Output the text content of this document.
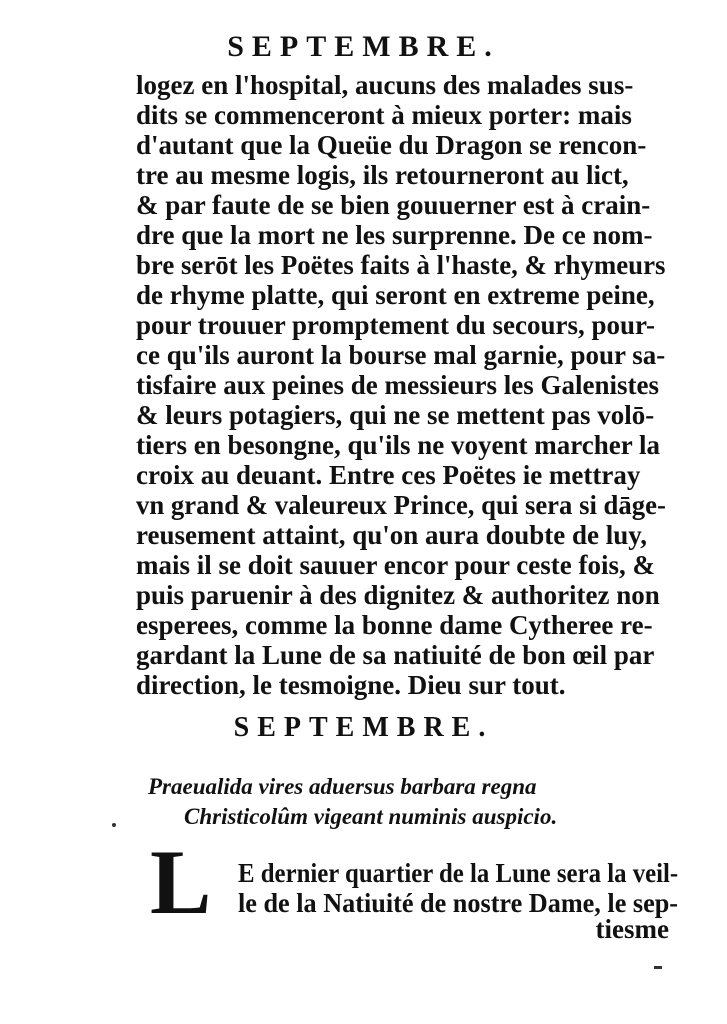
SEPTEMBRE.
logez en l'hospital, aucuns des malades sus-
dits se commenceront à mieux porter: mais
d'autant que la Queüe du Dragon se rencon-
tre au mesme logis, ils retourneront au lict,
& par faute de se bien gouuerner est à crain-
dre que la mort ne les surprenne. De ce nom-
bre serōt les Poëtes faits à l'haste, & rhymeurs
de rhyme platte, qui seront en extreme peine,
pour trouuer promptement du secours, pour-
ce qu'ils auront la bourse mal garnie, pour sa-
tisfaire aux peines de messieurs les Galenistes
& leurs potagiers, qui ne se mettent pas volō-
tiers en besongne, qu'ils ne voyent marcher la
croix au deuant. Entre ces Poëtes ie mettray
vn grand & valeureux Prince, qui sera si dāge-
reusement attaint, qu'on aura doubte de luy,
mais il se doit sauuer encor pour ceste fois, &
puis paruenir à des dignitez & authoritez non
esperees, comme la bonne dame Cytheree re-
gardant la Lune de sa natiuité de bon œil par
direction, le tesmoigne. Dieu sur tout.
SEPTEMBRE.
Praeualida vires aduersus barbara regna
Christicolûm vigeant numinis auspicio.
L E dernier quartier de la Lune sera la veil-
le de la Natiuité de nostre Dame, le sep-
tiesme
